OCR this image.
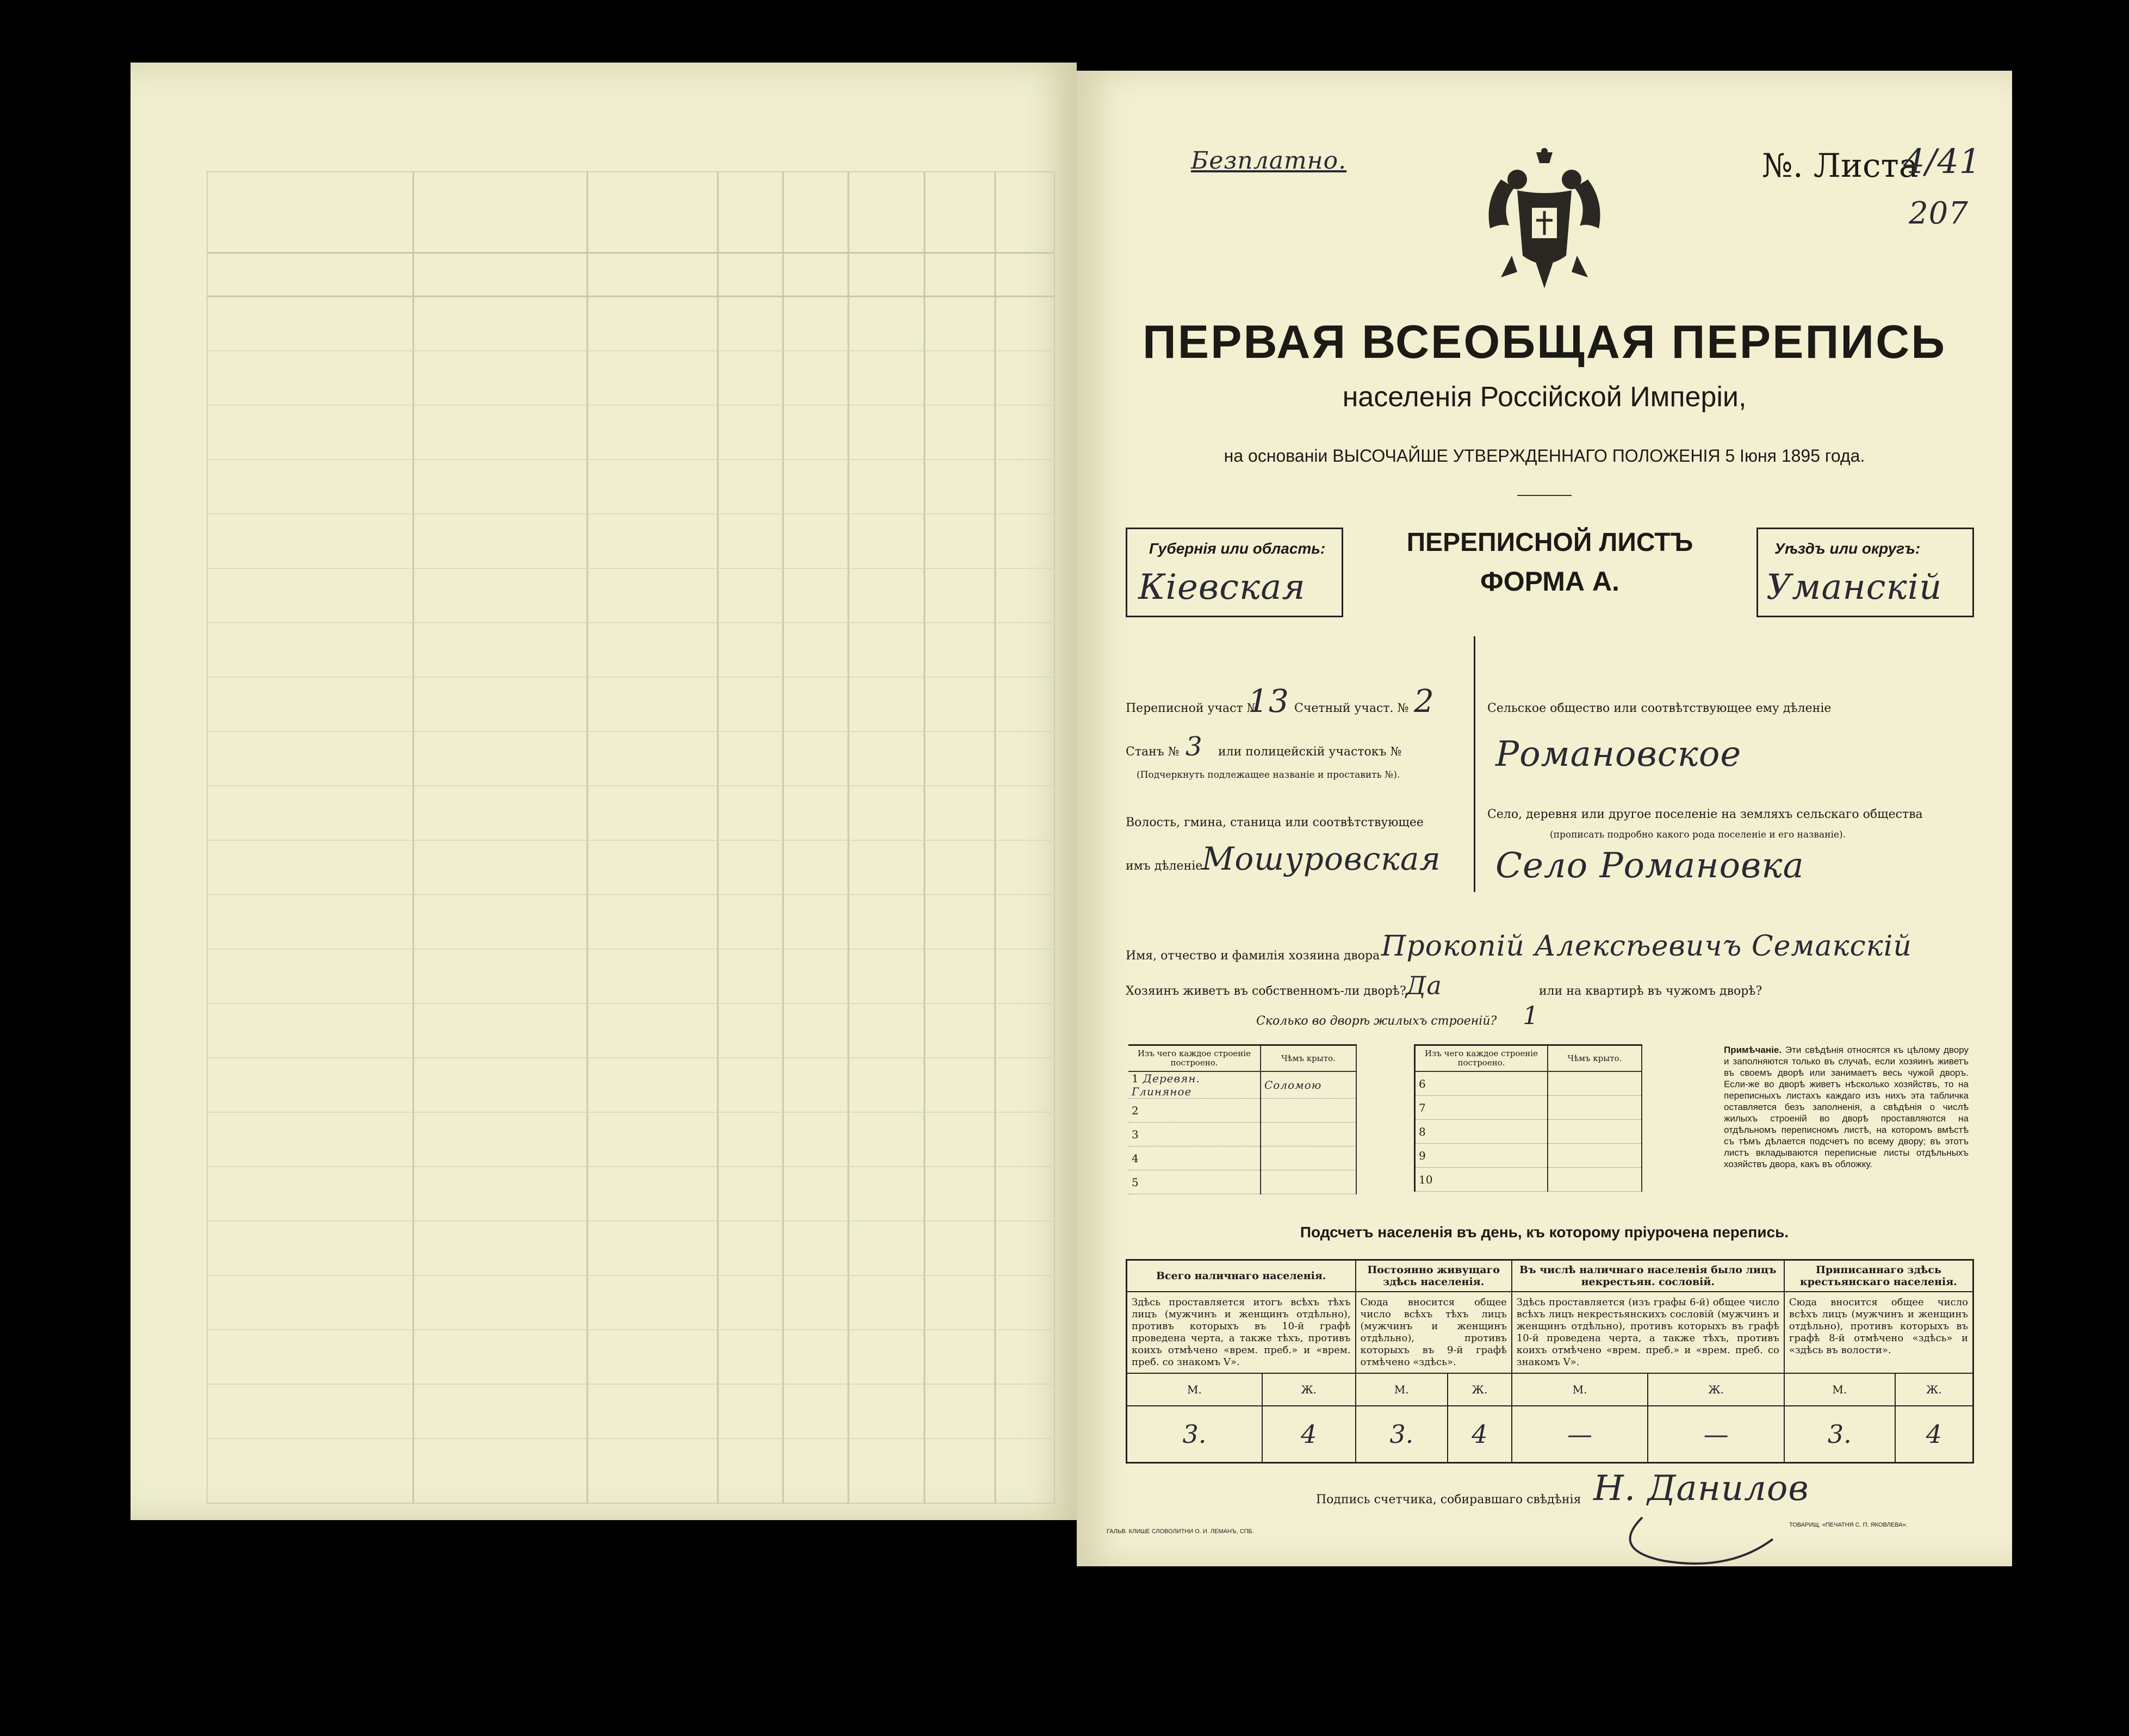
Безплатно.	№. Листа
4/41
207
ПЕРВАЯ ВСЕОБЩАЯ ПЕРЕПИСЬ
населенія Россійской Имперіи,
на основаніи ВЫСОЧАЙШЕ УТВЕРЖДЕННАГО ПОЛОЖЕНІЯ 5 Іюня 1895 года.
Губернія или область:
Кіевская
ПЕРЕПИСНОЙ ЛИСТЪ
ФОРМА А.
Уѣздъ или округъ:
Уманскій
Переписной участ №
13 Счетный участ. № 2
Станъ № 3 или полицейскій участокъ №
(Подчеркнуть подлежащее названіе и проставить №).
Волость, гмина, станица или соотвѣтствующее
имъ дѣленіе
Мошуровская
Сельское общество или соотвѣтствующее ему дѣленіе
Романовское
Село, деревня или другое поселеніе на земляхъ сельскаго общества
(прописать подробно какого рода поселеніе и его названіе).
Село Романовка
Имя, отчество и фамилія хозяина двора Прокопій Алексѣевичъ Семакскій
Хозяинъ живетъ въ собственномъ-ли дворѣ? Да	или на квартирѣ въ чужомъ дворѣ?
Сколько во дворѣ жилыхъ строеній? 1
Изъ чего каждое строеніе построено.	Чѣмъ крыто.
1 Деревян. Глиняное	Соломою
2	
3	
4	
5	
Изъ чего каждое строеніе построено.	Чѣмъ крыто.
6	
7	
8	
9	
10	
Примѣчаніе. Эти свѣдѣнія относятся къ цѣлому двору и заполняются только въ случаѣ, если хозяинъ живетъ въ своемъ дворѣ или занимаетъ весь чужой дворъ. Если-же во дворѣ живетъ нѣсколько хозяйствъ, то на переписныхъ листахъ каждаго изъ нихъ эта табличка оставляется безъ заполненія, а свѣдѣнія о числѣ жилыхъ строеній во дворѣ проставляются на отдѣльномъ переписномъ листѣ, на которомъ вмѣстѣ съ тѣмъ дѣлается подсчетъ по всему двору; въ этотъ листъ вкладываются переписные листы отдѣльныхъ хозяйствъ двора, какъ въ обложку.
Подсчетъ населенія въ день, къ которому пріурочена перепись.
Всего наличнаго населенія.		Постоянно живущаго здѣсь населенія.		Въ числѣ наличнаго населенія было лицъ некрестьян. сословій.		Приписаннаго здѣсь крестьянскаго населенія.	
Здѣсь проставляется итогъ всѣхъ тѣхъ лицъ (мужчинъ и женщинъ отдѣльно), противъ которыхъ въ 10-й графѣ проведена черта, а также тѣхъ, противъ коихъ отмѣчено «врем. преб.» и «врем. преб. со знакомъ V».		Сюда вносится общее число всѣхъ тѣхъ лицъ (мужчинъ и женщинъ отдѣльно), противъ которыхъ въ 9-й графѣ отмѣчено «здѣсь».		Здѣсь проставляется (изъ графы 6-й) общее число всѣхъ лицъ некрестьянскихъ сословій (мужчинъ и женщинъ отдѣльно), противъ которыхъ въ графѣ 10-й проведена черта, а также тѣхъ, противъ коихъ отмѣчено «врем. преб.» и «врем. преб. со знакомъ V».		Сюда вносится общее число всѣхъ лицъ (мужчинъ и женщинъ отдѣльно), противъ которыхъ въ графѣ 8-й отмѣчено «здѣсь» и «здѣсь въ волости».	
М.	Ж.	М.	Ж.	М.	Ж.	М.	Ж.
3.	4	3.	4	—	—	3.	4
Подпись счетчика, собиравшаго свѣдѣнія Н. Данилов
ГАЛЬВ. КЛИШЕ СЛОВОЛИТНИ О. И. ЛЕМАНЪ, СПБ.
ТОВАРИЩ. «ПЕЧАТНЯ С. П. ЯКОВЛЕВА».
